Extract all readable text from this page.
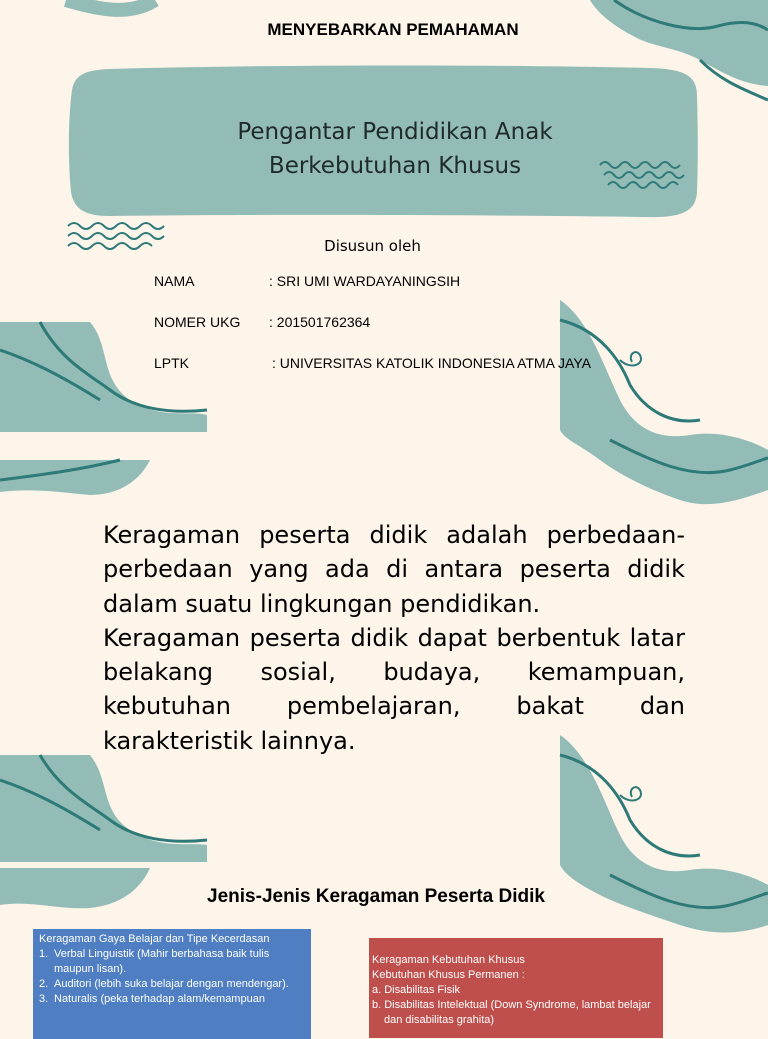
MENYEBARKAN PEMAHAMAN
Pengantar Pendidikan Anak
Berkebutuhan Khusus
Disusun oleh
NAMA	: SRI UMI WARDAYANINGSIH
NOMER UKG : 201501762364
LPTK	: UNIVERSITAS KATOLIK INDONESIA ATMA JAYA

Keragaman peserta didik adalah perbedaan-perbedaan yang ada di antara peserta didik dalam suatu lingkungan pendidikan.

Keragaman peserta didik dapat berbentuk latar belakang sosial, budaya, kemampuan, kebutuhan pembelajaran, bakat dan karakteristik lainnya.

Jenis-Jenis Keragaman Peserta Didik
Keragaman Gaya Belajar dan Tipe Kecerdasan
1. Verbal Linguistik (Mahir berbahasa baik tulis maupun lisan).
2. Auditori (lebih suka belajar dengan mendengar).
3. Naturalis (peka terhadap alam/kemampuan
Keragaman Kebutuhan Khusus
Kebutuhan Khusus Permanen :
a. Disabilitas Fisik
b. Disabilitas Intelektual (Down Syndrome, lambat belajar dan disabilitas grahita)
